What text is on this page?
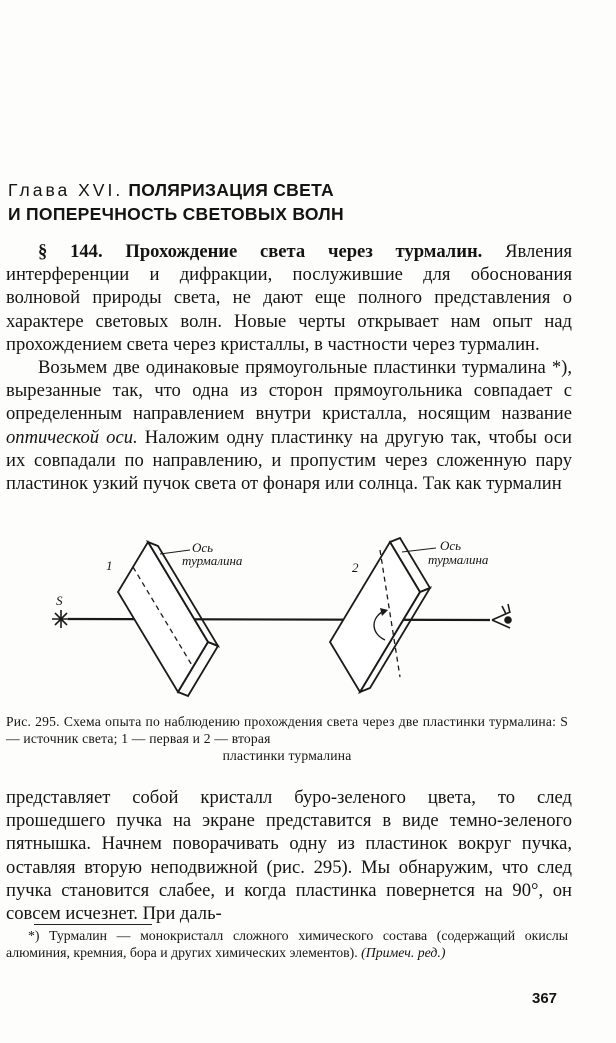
Глава XVI. ПОЛЯРИЗАЦИЯ СВЕТА
И ПОПЕРЕЧНОСТЬ СВЕТОВЫХ ВОЛН

§ 144. Прохождение света через турмалин. Явления интерференции и дифракции, послужившие для обоснования волновой природы света, не дают еще полного представления о характере световых волн. Новые черты открывает нам опыт над прохождением света через кристаллы, в частности через турмалин.

Возьмем две одинаковые прямоугольные пластинки турмалина *), вырезанные так, что одна из сторон прямоугольника совпадает с определенным направлением внутри кристалла, носящим название оптической оси. Наложим одну пластинку на другую так, чтобы оси их совпадали по направлению, и пропустим через сложенную пару пластинок узкий пучок света от фонаря или солнца. Так как турмалин

S
1
Ось
турмалина	2
Ось
турмалина
Рис. 295. Схема опыта по наблюдению прохождения света через две пластинки турмалина: S — источник света; 1 — первая и 2 — вторая
пластинки турмалина

представляет собой кристалл буро-зеленого цвета, то след прошедшего пучка на экране представится в виде темно-зеленого пятнышка. Начнем поворачивать одну из пластинок вокруг пучка, оставляя вторую неподвижной (рис. 295). Мы обнаружим, что след пучка становится слабее, и когда пластинка повернется на 90°, он совсем исчезнет. При даль-

*) Турмалин — монокристалл сложного химического состава (содержащий окислы алюминия, кремния, бора и других химических элементов). (Примеч. ред.)

367
